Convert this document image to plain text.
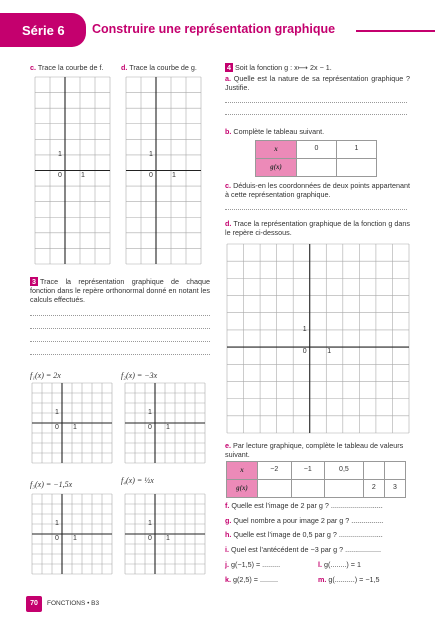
Série 6 Construire une représentation graphique
c. Trace la courbe de f. d. Trace la courbe de g.
0	1
1
0	1
1
4 Soit la fonction g : x⟼ 2x − 1.
a. Quelle est la nature de sa représentation graphique ? Justifie.
b. Complète le tableau suivant.
x	0	1
g(x)		
c. Déduis-en les coordonnées de deux points appartenant à cette représentation graphique.
d. Trace la représentation graphique de la fonction g dans le repère ci-dessous.
0	1
1
3 Trace la représentation graphique de chaque fonction dans le repère orthonormal donné en notant les calculs effectués.
f₁(x) = 2x	f₂(x) = −3x
0 1
1
0 1
1
f₃(x) = −1,5x	f₄(x) = ½x
0 1
1
0 1
1
e. Par lecture graphique, complète le tableau de valeurs suivant.
x	−2	−1	0,5		
g(x)				2	3
f. Quelle est l’image de 2 par g ? ..........................
g. Quel nombre a pour image 2 par g ? ................
h. Quelle est l’image de 0,5 par g ? ......................
i. Quel est l’antécédent de −3 par g ? ..................
j. g(−1,5) = .........	l. g(........) = 1
k. g(2,5) = .........	m. g(..........) = −1,5
70	FONCTIONS • B3
